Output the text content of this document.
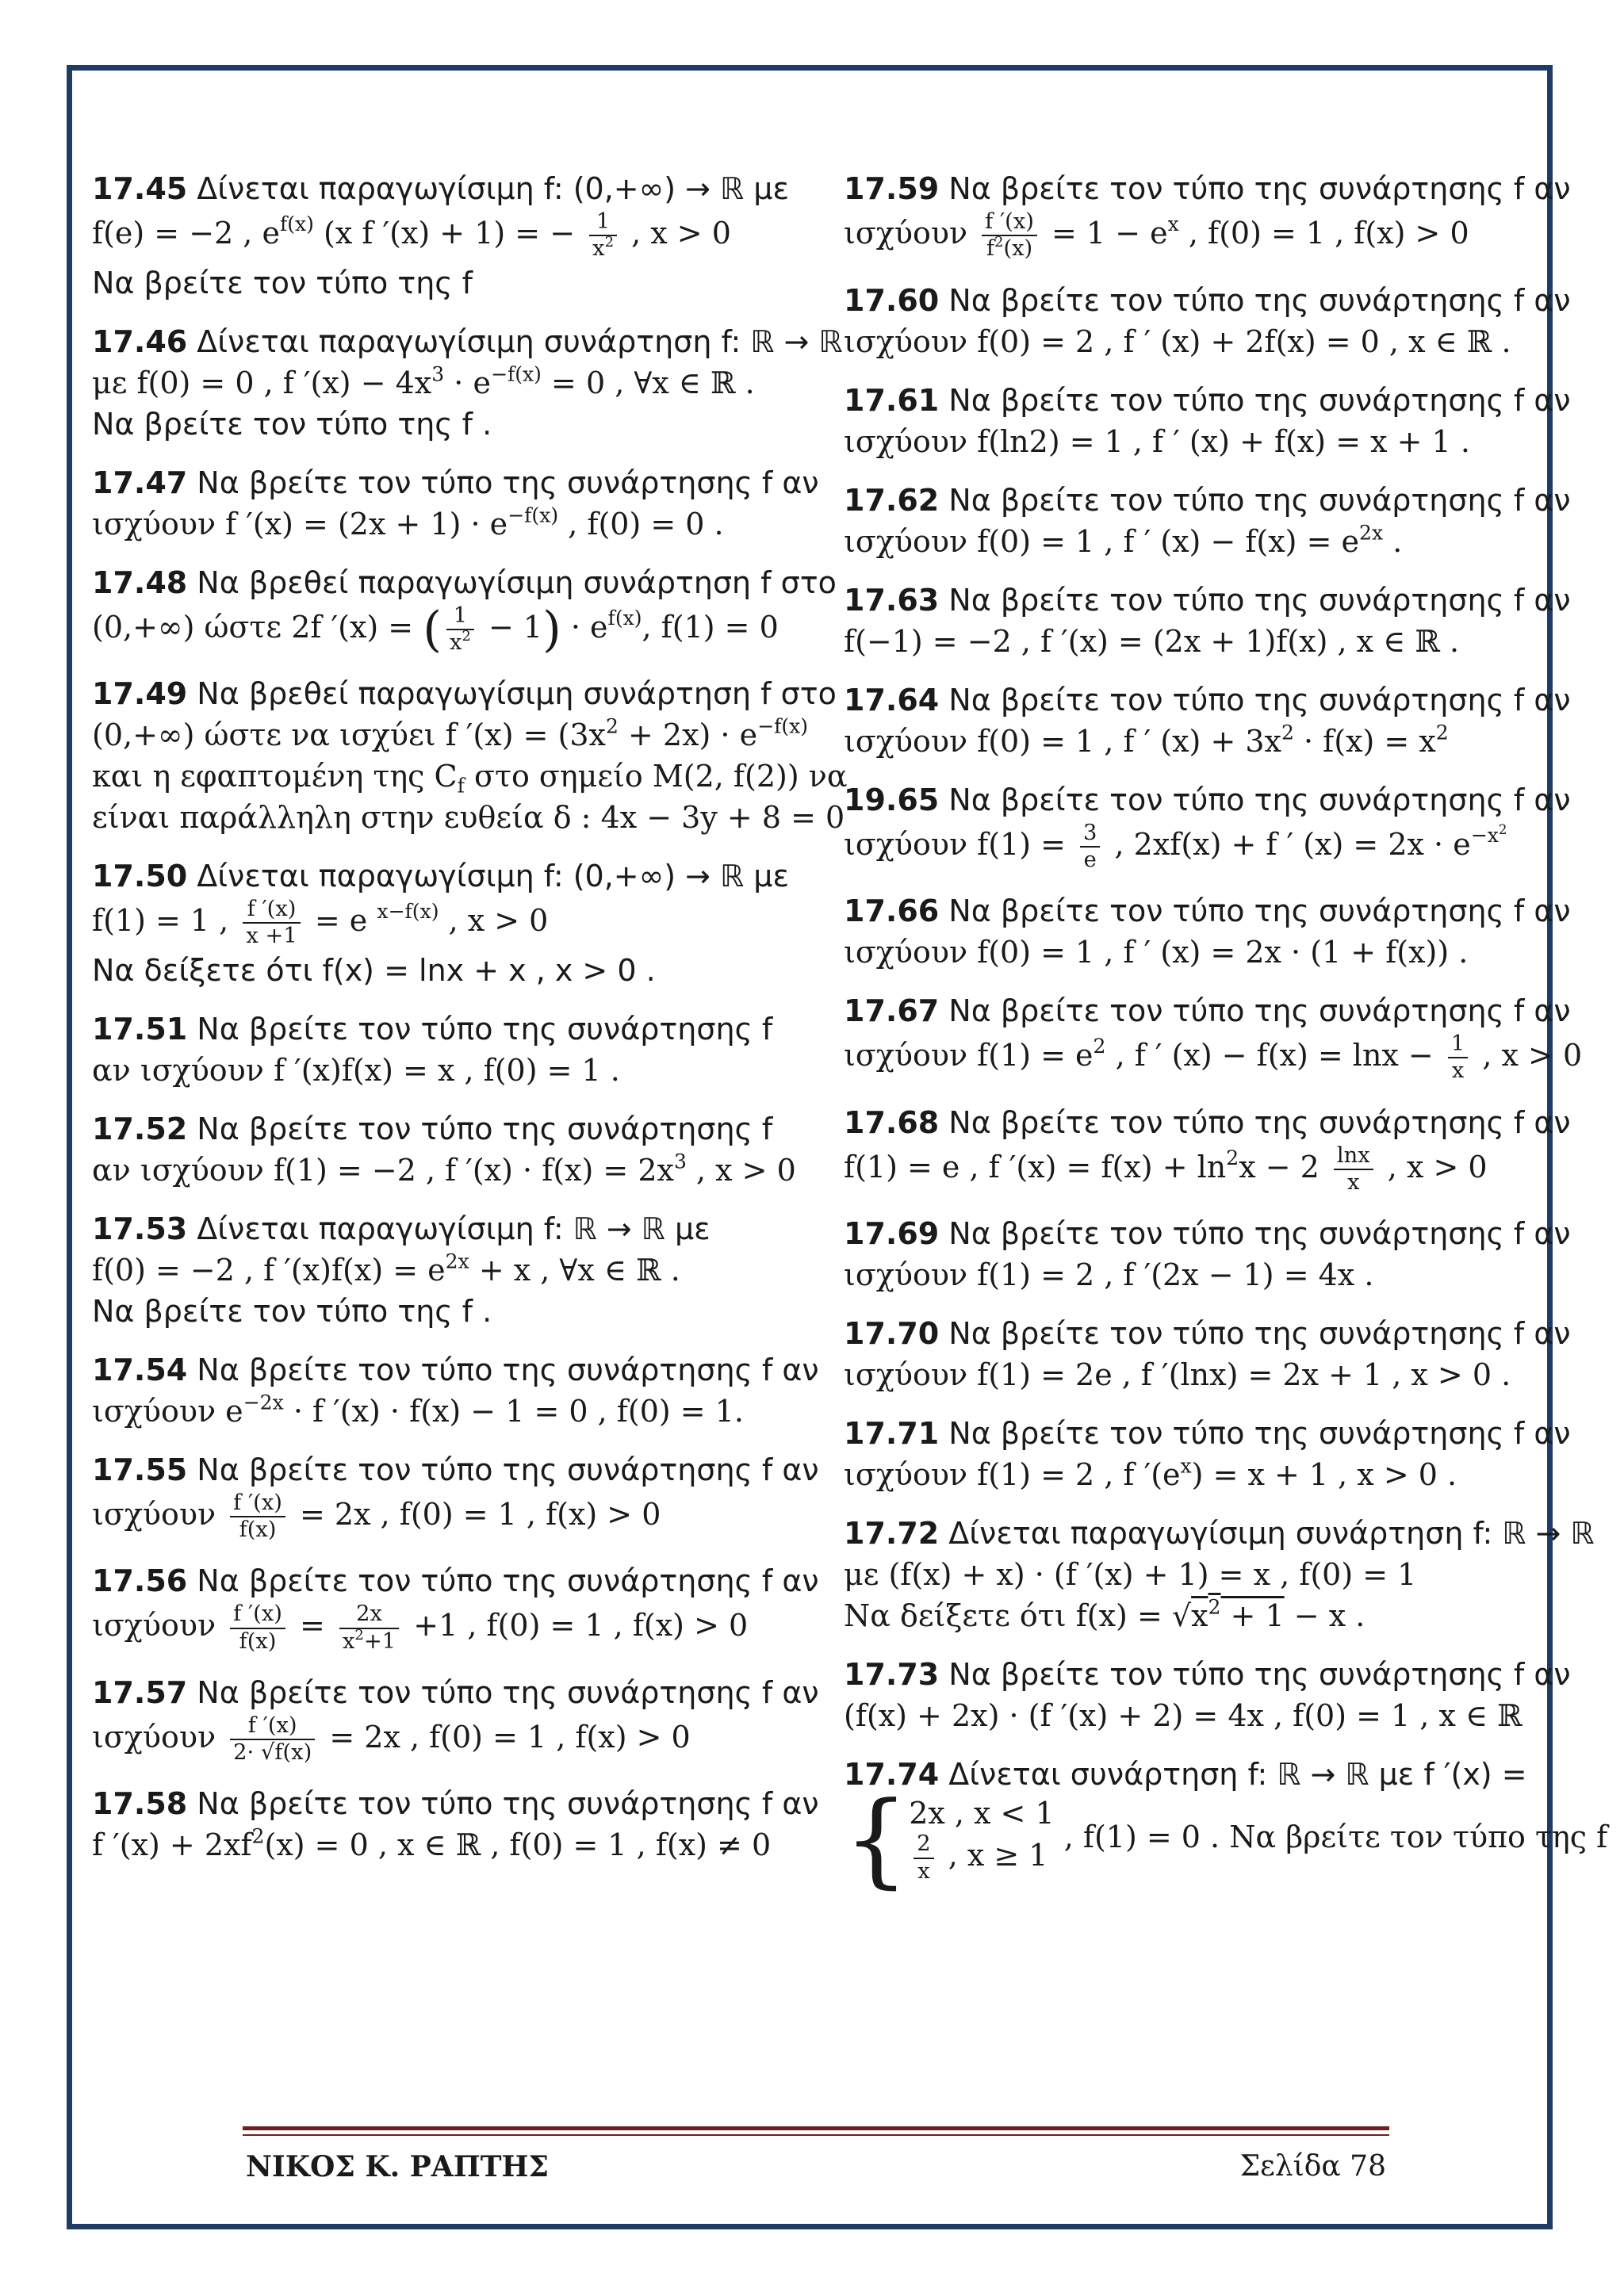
17.45 Δίνεται παραγωγίσιμη f: (0,+∞) → ℝ με
f(e) = −2 , $e^{f(x)}$ (x f ′(x) + 1) = − $\frac{1}{x^2}$ , x > 0
Να βρείτε τον τύπο της f
17.46 Δίνεται παραγωγίσιμη συνάρτηση f: ℝ → ℝ
με f(0) = 0 , f $'(x) - 4x^3 \cdot e^{-f(x)} = 0$ , ∀x ∈ ℝ .
Να βρείτε τον τύπο της f .
17.47 Να βρείτε τον τύπο της συνάρτησης f αν
ισχύουν f $'(x) = (2x + 1) \cdot e^{-f(x)}$ , f(0) = 0 .
17.48 Να βρεθεί παραγωγίσιμη συνάρτηση f στο
(0,+∞) ώστε 2f ′(x) = ( $\frac{1}{x^2} - 1) \cdot e^{f(x)}$, f(1) = 0
17.49 Να βρεθεί παραγωγίσιμη συνάρτηση f στο
(0,+∞) ώστε να ισχύει f $'(x) = (3x^2 + 2x) \cdot e^{-f(x)}$
και η εφαπτομένη της $C_f$ στο σημείο M(2, f(2)) να
είναι παράλληλη στην ευθεία δ : 4x − 3y + 8 = 0
17.50 Δίνεται παραγωγίσιμη f: (0,+∞) → ℝ με
f(1) = 1 , $\frac{f '(x)}{x +1} = e$ $^{x-f(x)}$ , x > 0
Να δείξετε ότι f(x) = lnx + x , x > 0 .
17.51 Να βρείτε τον τύπο της συνάρτησης f
αν ισχύουν f ′(x)f(x) = x , f(0) = 1 .
17.52 Να βρείτε τον τύπο της συνάρτησης f
αν ισχύουν f(1) = −2 , f $'(x) \cdot f(x) = 2x^3$ , x > 0
17.53 Δίνεται παραγωγίσιμη f: ℝ → ℝ με
f(0) = −2 , f $'(x)f(x) = e^{2x} + x$ , ∀x ∈ ℝ .
Να βρείτε τον τύπο της f .
17.54 Να βρείτε τον τύπο της συνάρτησης f αν
ισχύουν $e^{-2x} \cdot f$ ′(x) · f(x) − 1 = 0 , f(0) = 1.
17.55 Να βρείτε τον τύπο της συνάρτησης f αν
ισχύουν $\frac{f '(x)}{f(x)} = 2x$ , f(0) = 1 , f(x) > 0
17.56 Να βρείτε τον τύπο της συνάρτησης f αν
ισχύουν $\frac{f '(x)}{f(x)} = \frac{2x}{x^2+1} +1$ , f(0) = 1 , f(x) > 0
17.57 Να βρείτε τον τύπο της συνάρτησης f αν
ισχύουν $\frac{f '(x)}{2\cdot √f(x)} = 2x$ , f(0) = 1 , f(x) > 0
17.58 Να βρείτε τον τύπο της συνάρτησης f αν
f $'(x) + 2xf^2(x) = 0$ , x ∈ ℝ , f(0) = 1 , f(x) ≠ 0
17.59 Να βρείτε τον τύπο της συνάρτησης f αν
ισχύουν $\frac{f '(x)}{f^2(x)} = 1 - e^x$ , f(0) = 1 , f(x) > 0
17.60 Να βρείτε τον τύπο της συνάρτησης f αν
ισχύουν f(0) = 2 , f ′ (x) + 2f(x) = 0 , x ∈ ℝ .
17.61 Να βρείτε τον τύπο της συνάρτησης f αν
ισχύουν f(ln2) = 1 , f ′ (x) + f(x) = x + 1 .
17.62 Να βρείτε τον τύπο της συνάρτησης f αν
ισχύουν f(0) = 1 , f ′ $(x) - f(x) = e^{2x}$ .
17.63 Να βρείτε τον τύπο της συνάρτησης f αν
f(−1) = −2 , f ′(x) = (2x + 1)f(x) , x ∈ ℝ .
17.64 Να βρείτε τον τύπο της συνάρτησης f αν
ισχύουν f(0) = 1 , f ′ $(x) + 3x^2 \cdot f(x) = x^2$
19.65 Να βρείτε τον τύπο της συνάρτησης f αν
ισχύουν $f(1) = \frac{3}{e}$ , 2xf(x) + f ′ $(x) = 2x \cdot e^{-x^2}$
17.66 Να βρείτε τον τύπο της συνάρτησης f αν
ισχύουν f(0) = 1 , f ′ (x) = 2x · (1 + f(x)) .
17.67 Να βρείτε τον τύπο της συνάρτησης f αν
ισχύουν $f(1) = e^2$ , f ′ $(x) - f(x) = \ln x - \frac{1}{x}$ , x > 0
17.68 Να βρείτε τον τύπο της συνάρτησης f αν
f(1) = e , f $'(x) = f(x) + \ln^2x - 2 \frac{\ln x}{x}$ , x > 0
17.69 Να βρείτε τον τύπο της συνάρτησης f αν
ισχύουν f(1) = 2 , f ′(2x − 1) = 4x .
17.70 Να βρείτε τον τύπο της συνάρτησης f αν
ισχύουν f(1) = 2e , f ′(lnx) = 2x + 1 , x > 0 .
17.71 Να βρείτε τον τύπο της συνάρτησης f αν
ισχύουν f(1) = 2 , f $'(e^x) = x + 1$ , x > 0 .
17.72 Δίνεται παραγωγίσιμη συνάρτηση f: ℝ → ℝ
με (f(x) + x) · (f ′(x) + 1) = x , f(0) = 1
Να δείξετε ότι $f(x) = √x^2 + 1 - x$ .
17.73 Να βρείτε τον τύπο της συνάρτησης f αν
(f(x) + 2x) · (f ′(x) + 2) = 4x , f(0) = 1 , x ∈ ℝ
17.74 Δίνεται συνάρτηση f: ℝ → ℝ με f ′(x) =
{ 2x , x < 1
$\frac{2}{x}$ , x ≥ 1
, f(1) = 0 . Να βρείτε τον τύπο της f
ΝΙΚΟΣ Κ. ΡΑΠΤΗΣ	Σελίδα 78
